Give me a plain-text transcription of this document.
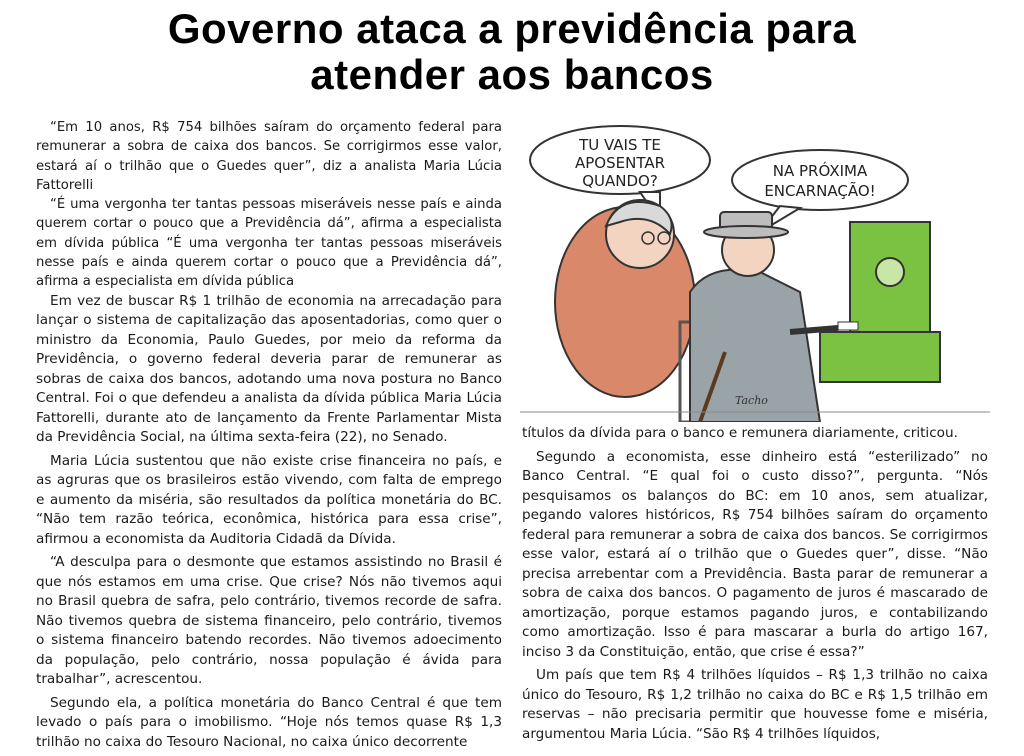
Governo ataca a previdência para
atender aos bancos

“Em 10 anos, R$ 754 bilhões saíram do orçamento federal para remunerar a sobra de caixa dos bancos. Se corrigirmos esse valor, estará aí o trilhão que o Guedes quer”, diz a analista Maria Lúcia Fattorelli

“É uma vergonha ter tantas pessoas miseráveis nesse país e ainda querem cortar o pouco que a Previdência dá”, afirma a especialista em dívida pública “É uma vergonha ter tantas pessoas miseráveis nesse país e ainda querem cortar o pouco que a Previdência dá”, afirma a especialista em dívida pública

Em vez de buscar R$ 1 trilhão de economia na arrecadação para lançar o sistema de capitalização das aposentadorias, como quer o ministro da Economia, Paulo Guedes, por meio da reforma da Previdência, o governo federal deveria parar de remunerar as sobras de caixa dos bancos, adotando uma nova postura no Banco Central. Foi o que defendeu a analista da dívida pública Maria Lúcia Fattorelli, durante ato de lançamento da Frente Parlamentar Mista da Previdência Social, na última sexta-feira (22), no Senado.

Maria Lúcia sustentou que não existe crise financeira no país, e as agruras que os brasileiros estão vivendo, com falta de emprego e aumento da miséria, são resultados da política monetária do BC. “Não tem razão teórica, econômica, histórica para essa crise”, afirmou a economista da Auditoria Cidadã da Dívida.

“A desculpa para o desmonte que estamos assistindo no Brasil é que nós estamos em uma crise. Que crise? Nós não tivemos aqui no Brasil quebra de safra, pelo contrário, tivemos recorde de safra. Não tivemos quebra de sistema financeiro, pelo contrário, tivemos o sistema financeiro batendo recordes. Não tivemos adoecimento da população, pelo contrário, nossa população é ávida para trabalhar”, acrescentou.

Segundo ela, a política monetária do Banco Central é que tem levado o país para o imobilismo. “Hoje nós temos quase R$ 1,3 trilhão no caixa do Tesouro Nacional, no caixa único decorrente

TU VAIS TE
APOSENTAR
QUANDO?
NA PRÓXIMA
ENCARNAÇÃO!
Tacho

títulos da dívida para o banco e remunera diariamente, criticou.

Segundo a economista, esse dinheiro está “esterilizado” no Banco Central. “E qual foi o custo disso?”, pergunta. “Nós pesquisamos os balanços do BC: em 10 anos, sem atualizar, pegando valores históricos, R$ 754 bilhões saíram do orçamento federal para remunerar a sobra de caixa dos bancos. Se corrigirmos esse valor, estará aí o trilhão que o Guedes quer”, disse. “Não precisa arrebentar com a Previdência. Basta parar de remunerar a sobra de caixa dos bancos. O pagamento de juros é mascarado de amortização, porque estamos pagando juros, e contabilizando como amortização. Isso é para mascarar a burla do artigo 167, inciso 3 da Constituição, então, que crise é essa?”

Um país que tem R$ 4 trilhões líquidos – R$ 1,3 trilhão no caixa único do Tesouro, R$ 1,2 trilhão no caixa do BC e R$ 1,5 trilhão em reservas – não precisaria permitir que houvesse fome e miséria, argumentou Maria Lúcia. “São R$ 4 trilhões líquidos,
